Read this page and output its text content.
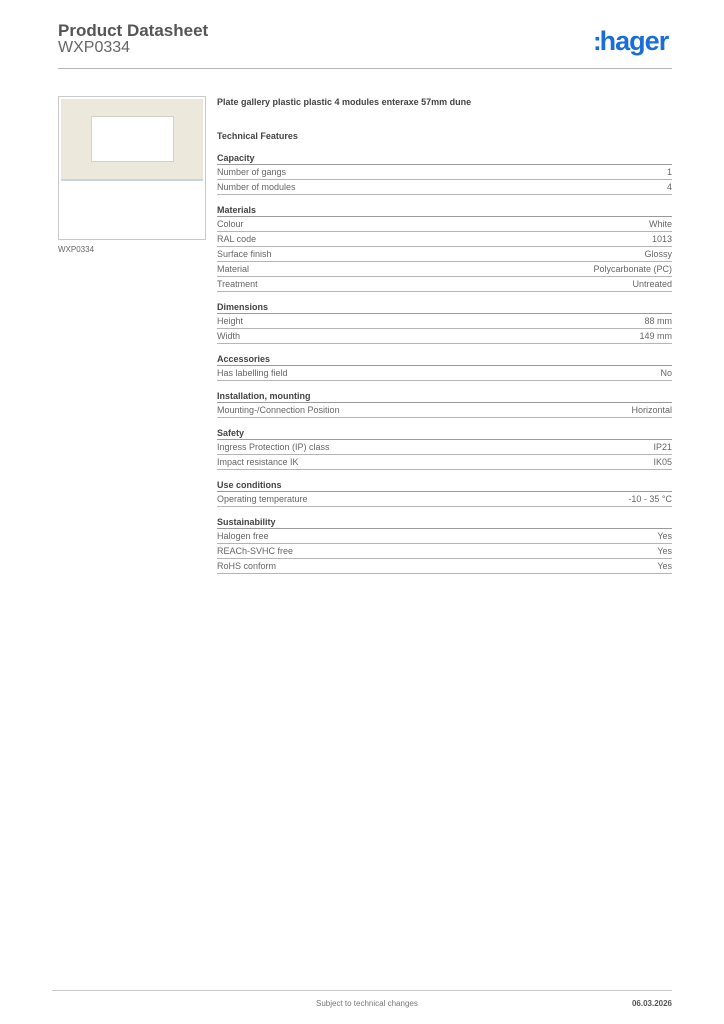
Product Datasheet
WXP0334	:hager
WXP0334
Plate gallery plastic plastic 4 modules enteraxe 57mm dune
Technical Features
Capacity
Number of gangs	1
Number of modules	4
Materials
Colour	White
RAL code	1013
Surface finish	Glossy
Material	Polycarbonate (PC)
Treatment	Untreated
Dimensions
Height	88 mm
Width	149 mm
Accessories
Has labelling field	No
Installation, mounting
Mounting-/Connection Position	Horizontal
Safety
Ingress Protection (IP) class	IP21
Impact resistance IK	IK05
Use conditions
Operating temperature	-10 - 35 °C
Sustainability
Halogen free	Yes
REACh-SVHC free	Yes
RoHS conform	Yes
Subject to technical changes	06.03.2026
